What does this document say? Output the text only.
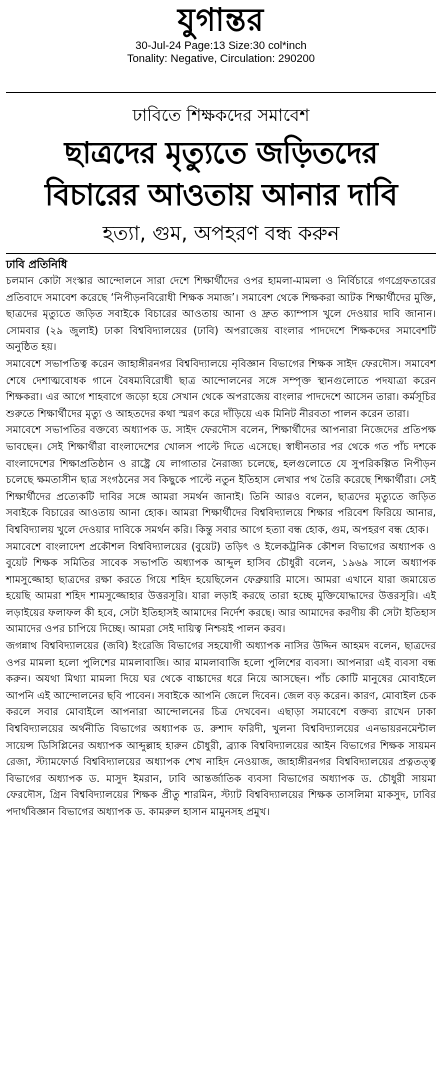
যুগান্তর
30-Jul-24 Page:13 Size:30 col*inch
Tonality: Negative, Circulation: 290200
ঢাবিতে শিক্ষকদের সমাবেশ
ছাত্রদের মৃত্যুতে জড়িতদের
বিচারের আওতায় আনার দাবি
হত্যা, গুম, অপহরণ বন্ধ করুন
ঢাবি প্রতিনিধি

চলমান কোটা সংস্কার আন্দোলনে সারা দেশে শিক্ষার্থীদের ওপর হামলা-মামলা ও নির্বিচারে গণগ্রেফতারের প্রতিবাদে সমাবেশ করেছে ‘নিপীড়নবিরোধী শিক্ষক সমাজ’। সমাবেশ থেকে শিক্ষকরা আটক শিক্ষার্থীদের মুক্তি, ছাত্রদের মৃত্যুতে জড়িত সবাইকে বিচারের আওতায় আনা ও দ্রুত ক্যাম্পাস খুলে দেওয়ার দাবি জানান। সোমবার (২৯ জুলাই) ঢাকা বিশ্ববিদ্যালয়ের (ঢাবি) অপরাজেয় বাংলার পাদদেশে শিক্ষকদের সমাবেশটি অনুষ্ঠিত হয়।

সমাবেশে সভাপতিত্ব করেন জাহাঙ্গীরনগর বিশ্ববিদ্যালয়ে নৃবিজ্ঞান বিভাগের শিক্ষক সাইদ ফেরদৌস। সমাবেশ শেষে দেশাত্মবোধক গানে বৈষম্যবিরোধী ছাত্র আন্দোলনের সঙ্গে সম্পৃক্ত স্থানগুলোতে পদযাত্রা করেন শিক্ষকরা। এর আগে শাহবাগে জড়ো হয়ে সেখান থেকে অপরাজেয় বাংলার পাদদেশে আসেন তারা। কর্মসূচির শুরুতে শিক্ষার্থীদের মৃত্যু ও আহতদের কথা স্মরণ করে দাঁড়িয়ে এক মিনিট নীরবতা পালন করেন তারা।

সমাবেশে সভাপতির বক্তব্যে অধ্যাপক ড. সাইদ ফেরদৌস বলেন, শিক্ষার্থীদের আপনারা নিজেদের প্রতিপক্ষ ভাবছেন। সেই শিক্ষার্থীরা বাংলাদেশের খোলস পাল্টে দিতে এসেছে। স্বাধীনতার পর থেকে গত পাঁচ দশকে বাংলাদেশের শিক্ষাপ্রতিষ্ঠান ও রাষ্ট্রে যে লাগাতার নৈরাজ্য চলেছে, হলগুলোতে যে সুপরিকল্পিত নিপীড়ন চলেছে ক্ষমতাসীন ছাত্র সংগঠনের সব কিছুকে পাল্টে নতুন ইতিহাস লেখার পথ তৈরি করেছে শিক্ষার্থীরা। সেই শিক্ষার্থীদের প্রত্যেকটি দাবির সঙ্গে আমরা সমর্থন জানাই। তিনি আরও বলেন, ছাত্রদের মৃত্যুতে জড়িত সবাইকে বিচারের আওতায় আনা হোক। আমরা শিক্ষার্থীদের বিশ্ববিদ্যালয়ে শিক্ষার পরিবেশ ফিরিয়ে আনার, বিশ্ববিদ্যালয় খুলে দেওয়ার দাবিকে সমর্থন করি। কিন্তু সবার আগে হত্যা বন্ধ হোক, গুম, অপহরণ বন্ধ হোক।

সমাবেশে বাংলাদেশ প্রকৌশল বিশ্ববিদ্যালয়ের (বুয়েট) তড়িৎ ও ইলেকট্রনিক কৌশল বিভাগের অধ্যাপক ও বুয়েট শিক্ষক সমিতির সাবেক সভাপতি অধ্যাপক আব্দুল হাসিব চৌধুরী বলেন, ১৯৬৯ সালে অধ্যাপক শামসুজ্জোহা ছাত্রদের রক্ষা করতে গিয়ে শহিদ হয়েছিলেন ফেব্রুয়ারি মাসে। আমরা এখানে যারা জমায়েত হয়েছি আমরা শহিদ শামসুজ্জোহার উত্তরসূরি। যারা লড়াই করছে তারা হচ্ছে মুক্তিযোদ্ধাদের উত্তরসূরি। এই লড়াইয়ের ফলাফল কী হবে, সেটা ইতিহাসই আমাদের নির্দেশ করছে। আর আমাদের করণীয় কী সেটা ইতিহাস আমাদের ওপর চাপিয়ে দিচ্ছে। আমরা সেই দায়িত্ব নিশ্চয়ই পালন করব।

জগন্নাথ বিশ্ববিদ্যালয়ের (জবি) ইংরেজি বিভাগের সহযোগী অধ্যাপক নাসির উদ্দিন আহমদ বলেন, ছাত্রদের ওপর মামলা হলো পুলিশের মামলাবাজি। আর মামলাবাজি হলো পুলিশের ব্যবসা। আপনারা এই ব্যবসা বন্ধ করুন। অযথা মিথ্যা মামলা দিয়ে ঘর থেকে বাচ্চাদের ধরে নিয়ে আসছেন। পাঁচ কোটি মানুষের মোবাইলে আপনি এই আন্দোলনের ছবি পাবেন। সবাইকে আপনি জেলে দিবেন। জেল বড় করেন। কারণ, মোবাইল চেক করলে সবার মোবাইলে আপনারা আন্দোলনের চিত্র দেখবেন। এছাড়া সমাবেশে বক্তব্য রাখেন ঢাকা বিশ্ববিদ্যালয়ের অর্থনীতি বিভাগের অধ্যাপক ড. রুশাদ ফরিদী, খুলনা বিশ্ববিদ্যালয়ের এনভায়রনমেন্টাল সায়েন্স ডিসিপ্লিনের অধ্যাপক আব্দুল্লাহ হারুন চৌধুরী, ব্র্যাক বিশ্ববিদ্যালয়ের আইন বিভাগের শিক্ষক সায়মন রেজা, স্ট্যামফোর্ড বিশ্ববিদ্যালয়ের অধ্যাপক শেখ নাহিদ নেওয়াজ, জাহাঙ্গীরনগর বিশ্ববিদ্যালয়ের প্রত্নতত্ত্ব বিভাগের অধ্যাপক ড. মাসুদ ইমরান, ঢাবি আন্তর্জাতিক ব্যবসা বিভাগের অধ্যাপক ড. চৌধুরী সায়মা ফেরদৌস, গ্রিন বিশ্ববিদ্যালয়ের শিক্ষক প্রীতু শারমিন, স্ট্যাট বিশ্ববিদ্যালয়ের শিক্ষক তাসলিমা মাকসুদ, ঢাবির পদার্থবিজ্ঞান বিভাগের অধ্যাপক ড. কামরুল হাসান মামুনসহ প্রমুখ।
